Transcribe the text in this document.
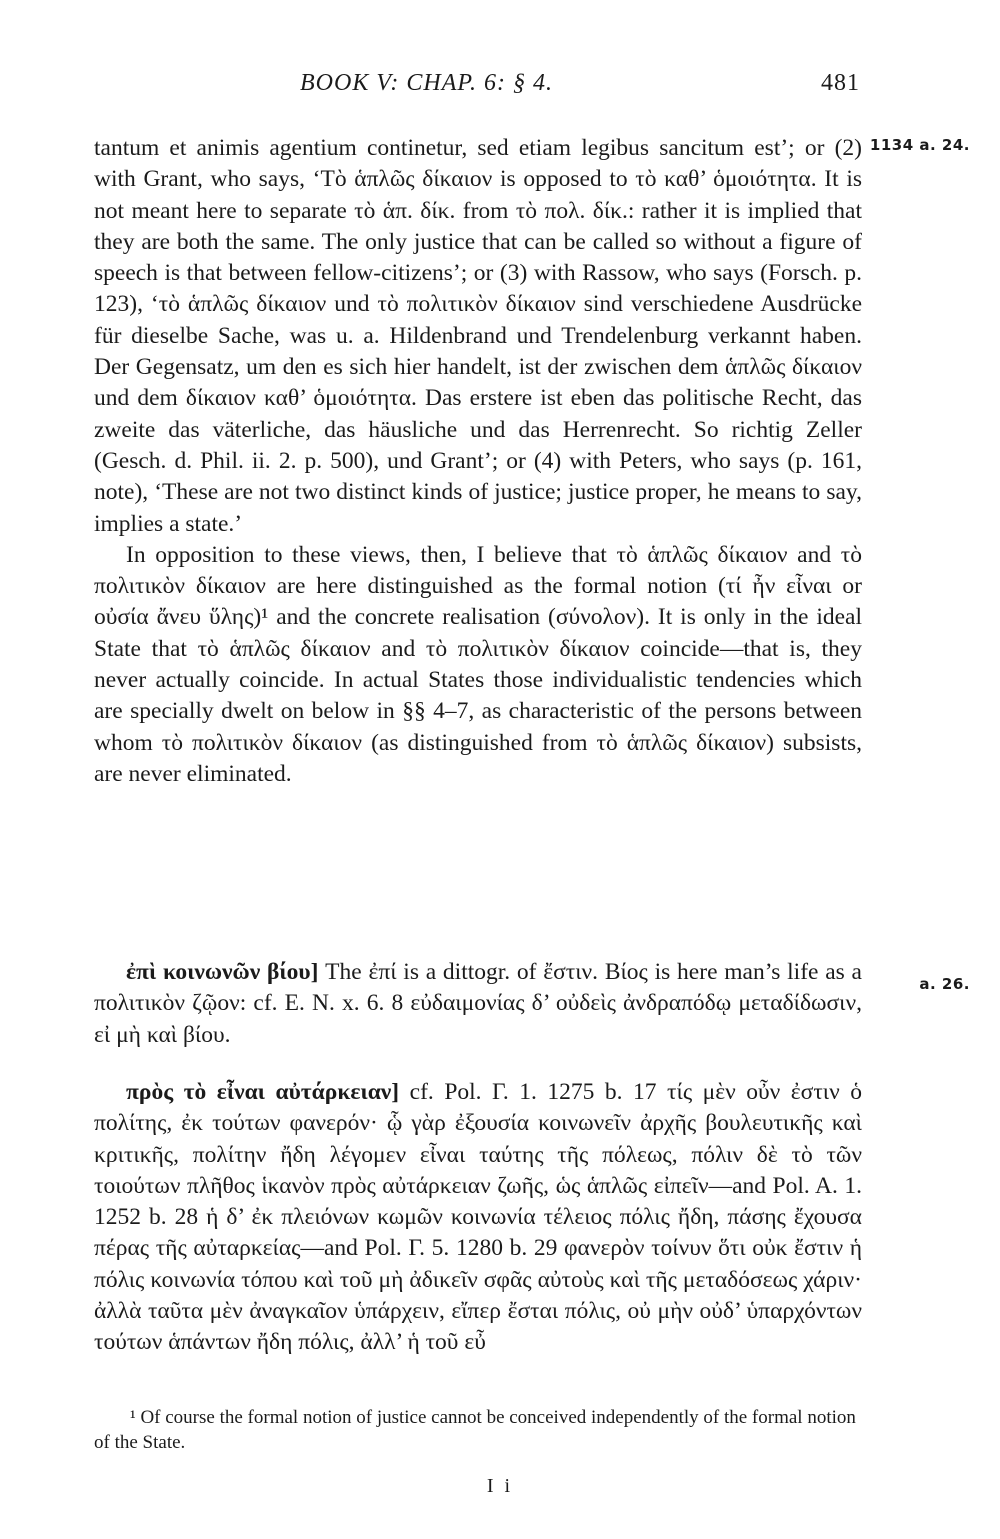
BOOK V: CHAP. 6: § 4.	481
1134 a. 24.
a. 26.

tantum et animis agentium continetur, sed etiam legibus sancitum est’; or (2) with Grant, who says, ‘Τὸ ἁπλῶς δίκαιον is opposed to τὸ καθ’ ὁμοιότητα. It is not meant here to separate τὸ ἁπ. δίκ. from τὸ πολ. δίκ.: rather it is implied that they are both the same. The only justice that can be called so without a figure of speech is that between fellow-citizens’; or (3) with Rassow, who says (Forsch. p. 123), ‘τὸ ἁπλῶς δίκαιον und τὸ πολιτικὸν δίκαιον sind verschiedene Ausdrücke für dieselbe Sache, was u. a. Hildenbrand und Trendelenburg verkannt haben. Der Gegensatz, um den es sich hier handelt, ist der zwischen dem ἁπλῶς δίκαιον und dem δίκαιον καθ’ ὁμοιότητα. Das erstere ist eben das politische Recht, das zweite das väterliche, das häusliche und das Herrenrecht. So richtig Zeller (Gesch. d. Phil. ii. 2. p. 500), und Grant’; or (4) with Peters, who says (p. 161, note), ‘These are not two distinct kinds of justice; justice proper, he means to say, implies a state.’

In opposition to these views, then, I believe that τὸ ἁπλῶς δίκαιον and τὸ πολιτικὸν δίκαιον are here distinguished as the formal notion (τί ἦν εἶναι or οὐσία ἄνευ ὕλης)¹ and the concrete realisation (σύνολον). It is only in the ideal State that τὸ ἁπλῶς δίκαιον and τὸ πολιτικὸν δίκαιον coincide—that is, they never actually coincide. In actual States those individualistic tendencies which are specially dwelt on below in §§ 4–7, as characteristic of the persons between whom τὸ πολιτικὸν δίκαιον (as distinguished from τὸ ἁπλῶς δίκαιον) subsists, are never eliminated.

ἐπὶ κοινωνῶν βίου] The ἐπί is a dittogr. of ἔστιν. Βίος is here man’s life as a πολιτικὸν ζῷον: cf. E. N. x. 6. 8 εὐδαιμονίας δ’ οὐδεὶς ἀνδραπόδῳ μεταδίδωσιν, εἰ μὴ καὶ βίου.

πρὸς τὸ εἶναι αὐτάρκειαν] cf. Pol. Γ. 1. 1275 b. 17 τίς μὲν οὖν ἐστιν ὁ πολίτης, ἐκ τούτων φανερόν· ᾧ γὰρ ἐξουσία κοινωνεῖν ἀρχῆς βουλευτικῆς καὶ κριτικῆς, πολίτην ἤδη λέγομεν εἶναι ταύτης τῆς πόλεως, πόλιν δὲ τὸ τῶν τοιούτων πλῆθος ἱκανὸν πρὸς αὐτάρκειαν ζωῆς, ὡς ἁπλῶς εἰπεῖν—and Pol. A. 1. 1252 b. 28 ἡ δ’ ἐκ πλειόνων κωμῶν κοινωνία τέλειος πόλις ἤδη, πάσης ἔχουσα πέρας τῆς αὐταρκείας—and Pol. Γ. 5. 1280 b. 29 φανερὸν τοίνυν ὅτι οὐκ ἔστιν ἡ πόλις κοινωνία τόπου καὶ τοῦ μὴ ἀδικεῖν σφᾶς αὐτοὺς καὶ τῆς μεταδόσεως χάριν· ἀλλὰ ταῦτα μὲν ἀναγκαῖον ὑπάρχειν, εἴπερ ἔσται πόλις, οὐ μὴν οὐδ’ ὑπαρχόντων τούτων ἁπάντων ἤδη πόλις, ἀλλ’ ἡ τοῦ εὖ

¹ Of course the formal notion of justice cannot be conceived independently of the formal notion of the State.

I i
